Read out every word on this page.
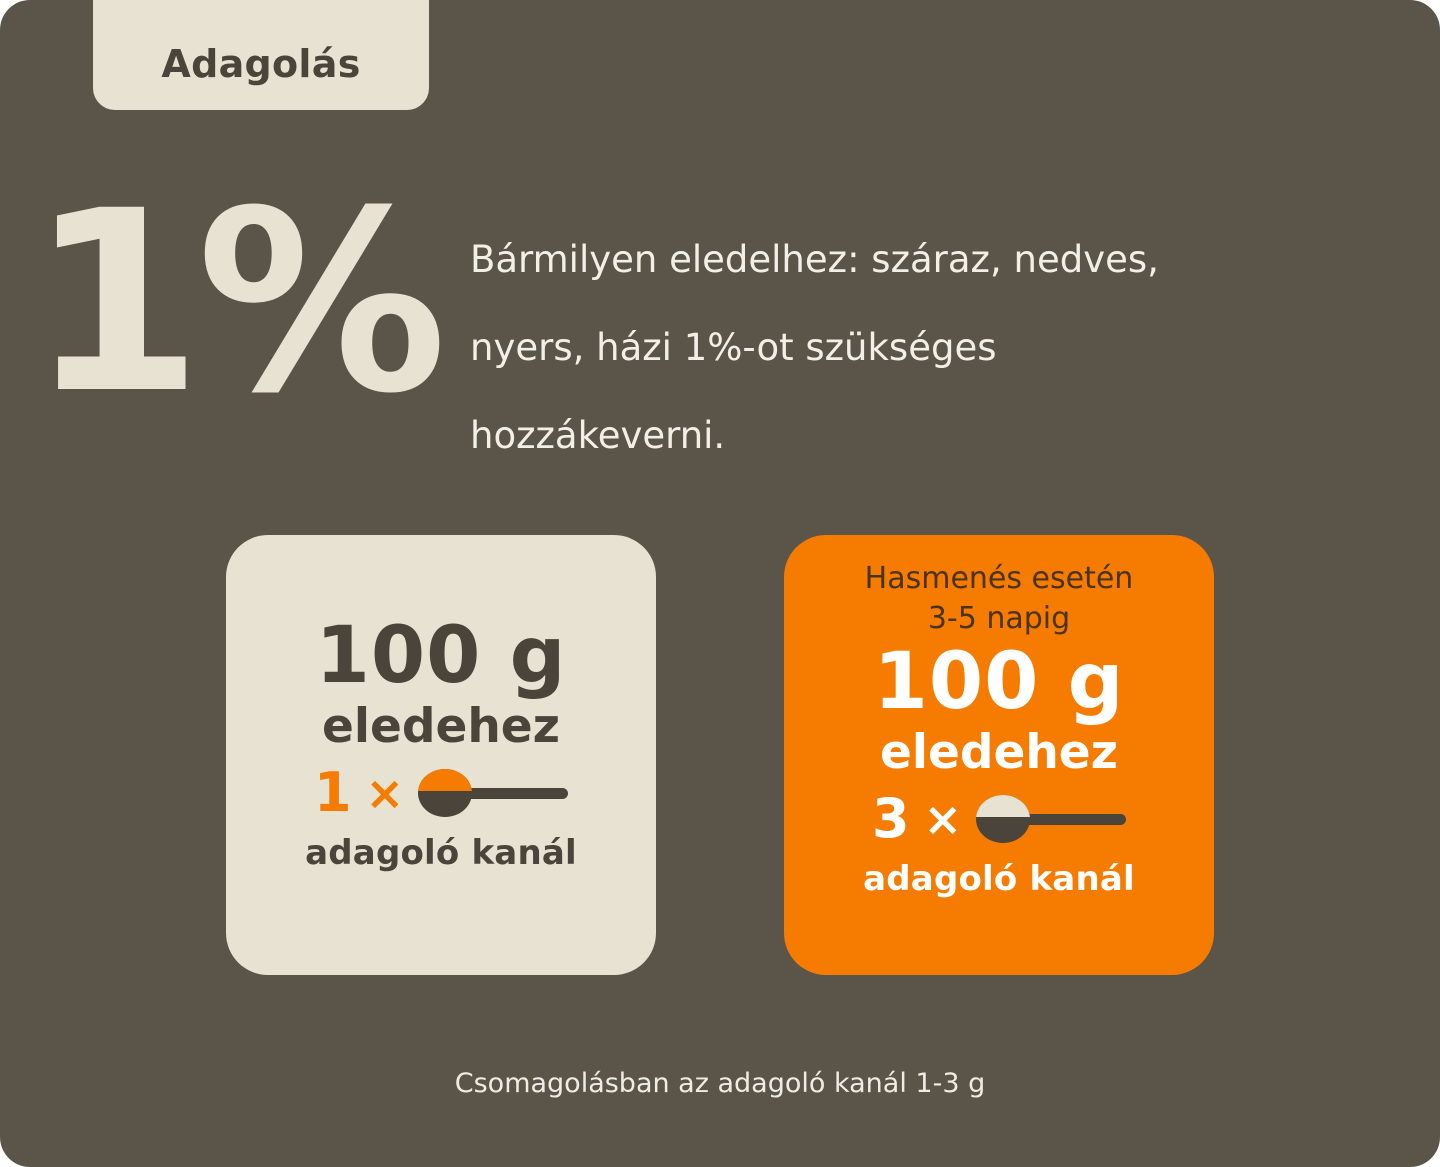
Adagolás
1% Bármilyen eledelhez: száraz, nedves, nyers, házi 1%-ot szükséges hozzákeverni.
100 g
eledehez
1 ×
adagoló kanál
Hasmenés esetén
3-5 napig
100 g
eledehez
3 ×
adagoló kanál
Csomagolásban az adagoló kanál 1-3 g
